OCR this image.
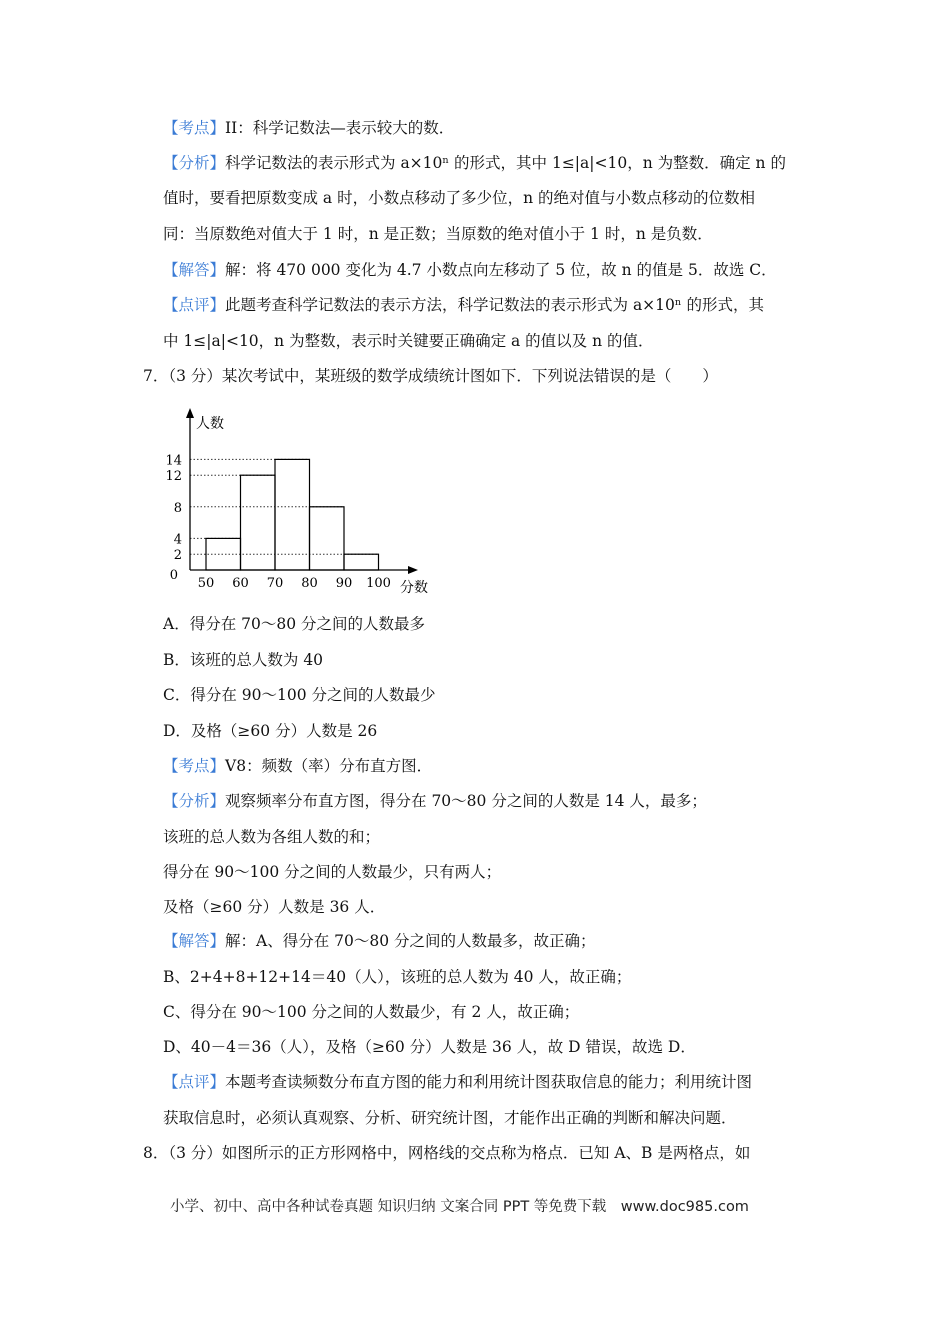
【考点】II：科学记数法—表示较大的数．
【分析】科学记数法的表示形式为 a×10ⁿ 的形式，其中 1≤|a|<10，n 为整数．确定 n 的
值时，要看把原数变成 a 时，小数点移动了多少位，n 的绝对值与小数点移动的位数相
同：当原数绝对值大于 1 时，n 是正数；当原数的绝对值小于 1 时，n 是负数．
【解答】解：将 470 000 变化为 4.7 小数点向左移动了 5 位，故 n 的值是 5．故选 C．
【点评】此题考查科学记数法的表示方法，科学记数法的表示形式为 a×10ⁿ 的形式，其
中 1≤|a|<10，n 为整数，表示时关键要正确确定 a 的值以及 n 的值．
7．（3 分）某次考试中，某班级的数学成绩统计图如下．下列说法错误的是（　　）
50 60 70 80 90 100
0
2
4
8
12
14
人数
分数
A．得分在 70～80 分之间的人数最多
B．该班的总人数为 40
C．得分在 90～100 分之间的人数最少
D．及格（≥60 分）人数是 26
【考点】V8：频数（率）分布直方图．
【分析】观察频率分布直方图，得分在 70～80 分之间的人数是 14 人，最多；
该班的总人数为各组人数的和；
得分在 90～100 分之间的人数最少，只有两人；
及格（≥60 分）人数是 36 人．
【解答】解：A、得分在 70～80 分之间的人数最多，故正确；
B、2+4+8+12+14＝40（人），该班的总人数为 40 人，故正确；
C、得分在 90～100 分之间的人数最少，有 2 人，故正确；
D、40－4＝36（人），及格（≥60 分）人数是 36 人，故 D 错误，故选 D．
【点评】本题考查读频数分布直方图的能力和利用统计图获取信息的能力；利用统计图
获取信息时，必须认真观察、分析、研究统计图，才能作出正确的判断和解决问题．
8．（3 分）如图所示的正方形网格中，网格线的交点称为格点．已知 A、B 是两格点，如
小学、初中、高中各种试卷真题 知识归纳 文案合同 PPT 等免费下载　www.doc985.com
